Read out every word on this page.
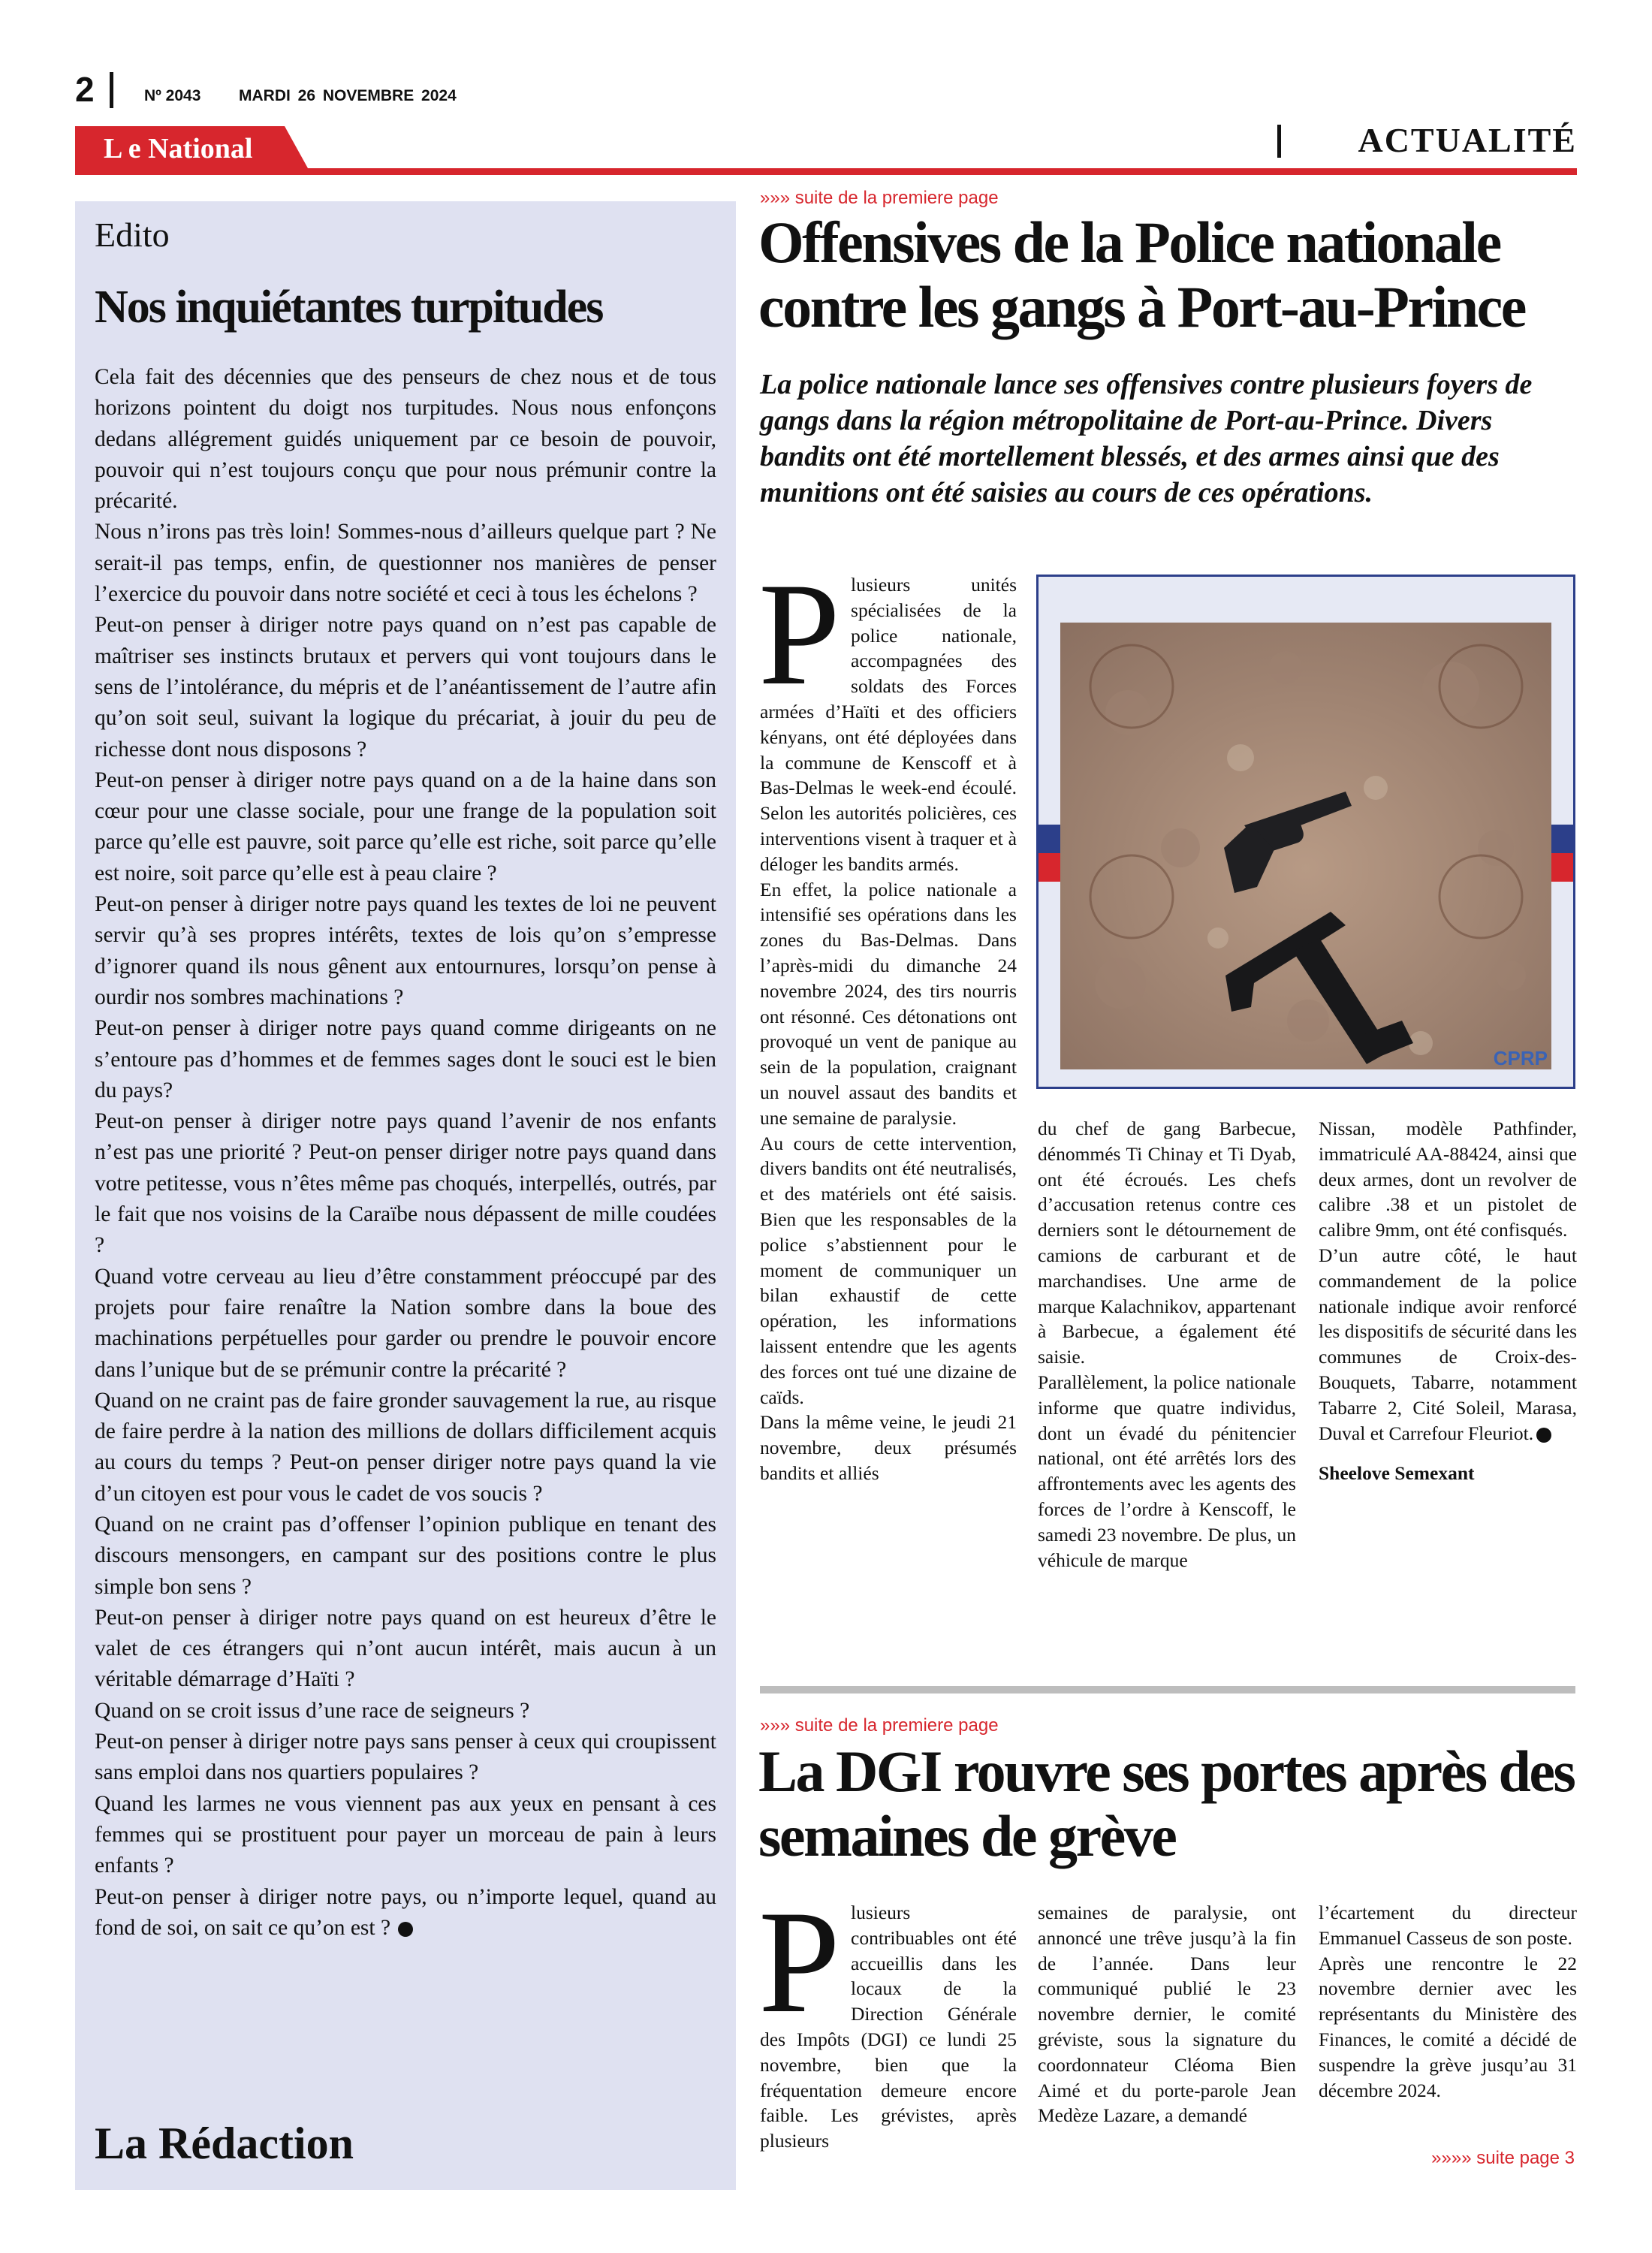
2	Nº 2043 MARDI 26 NOVEMBRE 2024
L e National	ACTUALITÉ
Edito
Nos inquiétantes turpitudes

Cela fait des décennies que des penseurs de chez nous et de tous horizons pointent du doigt nos turpitudes. Nous nous enfonçons dedans allégrement guidés uniquement par ce besoin de pouvoir, pouvoir qui n’est toujours conçu que pour nous prémunir contre la précarité.

Nous n’irons pas très loin! Sommes-nous d’ailleurs quelque part ? Ne serait-il pas temps, enfin, de questionner nos manières de penser l’exercice du pouvoir dans notre société et ceci à tous les échelons ?

Peut-on penser à diriger notre pays quand on n’est pas capable de maîtriser ses instincts brutaux et pervers qui vont toujours dans le sens de l’intolérance, du mépris et de l’anéantissement de l’autre afin qu’on soit seul, suivant la logique du précariat, à jouir du peu de richesse dont nous disposons ?

Peut-on penser à diriger notre pays quand on a de la haine dans son cœur pour une classe sociale, pour une frange de la population soit parce qu’elle est pauvre, soit parce qu’elle est riche, soit parce qu’elle est noire, soit parce qu’elle est à peau claire ?

Peut-on penser à diriger notre pays quand les textes de loi ne peuvent servir qu’à ses propres intérêts, textes de lois qu’on s’empresse d’ignorer quand ils nous gênent aux entournures, lorsqu’on pense à ourdir nos sombres machinations ?

Peut-on penser à diriger notre pays quand comme dirigeants on ne s’entoure pas d’hommes et de femmes sages dont le souci est le bien du pays?

Peut-on penser à diriger notre pays quand l’avenir de nos enfants n’est pas une priorité ? Peut-on penser diriger notre pays quand dans votre petitesse, vous n’êtes même pas choqués, interpellés, outrés, par le fait que nos voisins de la Caraïbe nous dépassent de mille coudées ?

Quand votre cerveau au lieu d’être constamment préoccupé par des projets pour faire renaître la Nation sombre dans la boue des machinations perpétuelles pour garder ou prendre le pouvoir encore dans l’unique but de se prémunir contre la précarité ?

Quand on ne craint pas de faire gronder sauvagement la rue, au risque de faire perdre à la nation des millions de dollars difficilement acquis au cours du temps ? Peut-on penser diriger notre pays quand la vie d’un citoyen est pour vous le cadet de vos soucis ?

Quand on ne craint pas d’offenser l’opinion publique en tenant des discours mensongers, en campant sur des positions contre le plus simple bon sens ?

Peut-on penser à diriger notre pays quand on est heureux d’être le valet de ces étrangers qui n’ont aucun intérêt, mais aucun à un véritable démarrage d’Haïti ?

Quand on se croit issus d’une race de seigneurs ?

Peut-on penser à diriger notre pays sans penser à ceux qui croupissent sans emploi dans nos quartiers populaires ?

Quand les larmes ne vous viennent pas aux yeux en pensant à ces femmes qui se prostituent pour payer un morceau de pain à leurs enfants ?

Peut-on penser à diriger notre pays, ou n’importe lequel, quand au fond de soi, on sait ce qu’on est ?

La Rédaction
»»» suite de la premiere page
Offensives de la Police nationale contre les gangs à Port-au-Prince
La police nationale lance ses offensives contre plusieurs foyers de gangs dans la région métropolitaine de Port-au-Prince. Divers bandits ont été mortellement blessés, et des armes ainsi que des munitions ont été saisies au cours de ces opérations.
P lusieurs unités spécialisées de la police nationale, accompagnées des soldats des Forces armées d’Haïti et des officiers kényans, ont été déployées dans la commune de Kenscoff et à Bas-Delmas le week-end écoulé. Selon les autorités policières, ces interventions visent à traquer et à déloger les bandits armés.

En effet, la police nationale a intensifié ses opérations dans les zones du Bas-Delmas. Dans l’après-midi du dimanche 24 novembre 2024, des tirs nourris ont résonné. Ces détonations ont provoqué un vent de panique au sein de la population, craignant un nouvel assaut des bandits et une semaine de paralysie.

Au cours de cette intervention, divers bandits ont été neutralisés, et des matériels ont été saisis. Bien que les responsables de la police s’abstiennent pour le moment de communiquer un bilan exhaustif de cette opération, les informations laissent entendre que les agents des forces ont tué une dizaine de caïds.

Dans la même veine, le jeudi 21 novembre, deux présumés bandits et alliés

CPRP

du chef de gang Barbecue, dénommés Ti Chinay et Ti Dyab, ont été écroués. Les chefs d’accusation retenus contre ces derniers sont le détournement de camions de carburant et de marchandises. Une arme de marque Kalachnikov, appartenant à Barbecue, a également été saisie.

Parallèlement, la police nationale informe que quatre individus, dont un évadé du pénitencier national, ont été arrêtés lors des affrontements avec les agents des forces de l’ordre à Kenscoff, le samedi 23 novembre. De plus, un véhicule de marque

Nissan, modèle Pathfinder, immatriculé AA-88424, ainsi que deux armes, dont un revolver de calibre .38 et un pistolet de calibre 9mm, ont été confisqués.

D’un autre côté, le haut commandement de la police nationale indique avoir renforcé les dispositifs de sécurité dans les communes de Croix-des-Bouquets, Tabarre, notamment Tabarre 2, Cité Soleil, Marasa, Duval et Carrefour Fleuriot.

Sheelove Semexant

»»» suite de la premiere page
La DGI rouvre ses portes après des semaines de grève
P lusieurs contribuables ont été accueillis dans les locaux de la Direction Générale des Impôts (DGI) ce lundi 25 novembre, bien que la fréquentation demeure encore faible. Les grévistes, après plusieurs

semaines de paralysie, ont annoncé une trêve jusqu’à la fin de l’année. Dans leur communiqué publié le 23 novembre dernier, le comité gréviste, sous la signature du coordonnateur Cléoma Bien Aimé et du porte-parole Jean Medèze Lazare, a demandé

l’écartement du directeur Emmanuel Casseus de son poste.

Après une rencontre le 22 novembre dernier avec les représentants du Ministère des Finances, le comité a décidé de suspendre la grève jusqu’au 31 décembre 2024.

»»»» suite page 3
